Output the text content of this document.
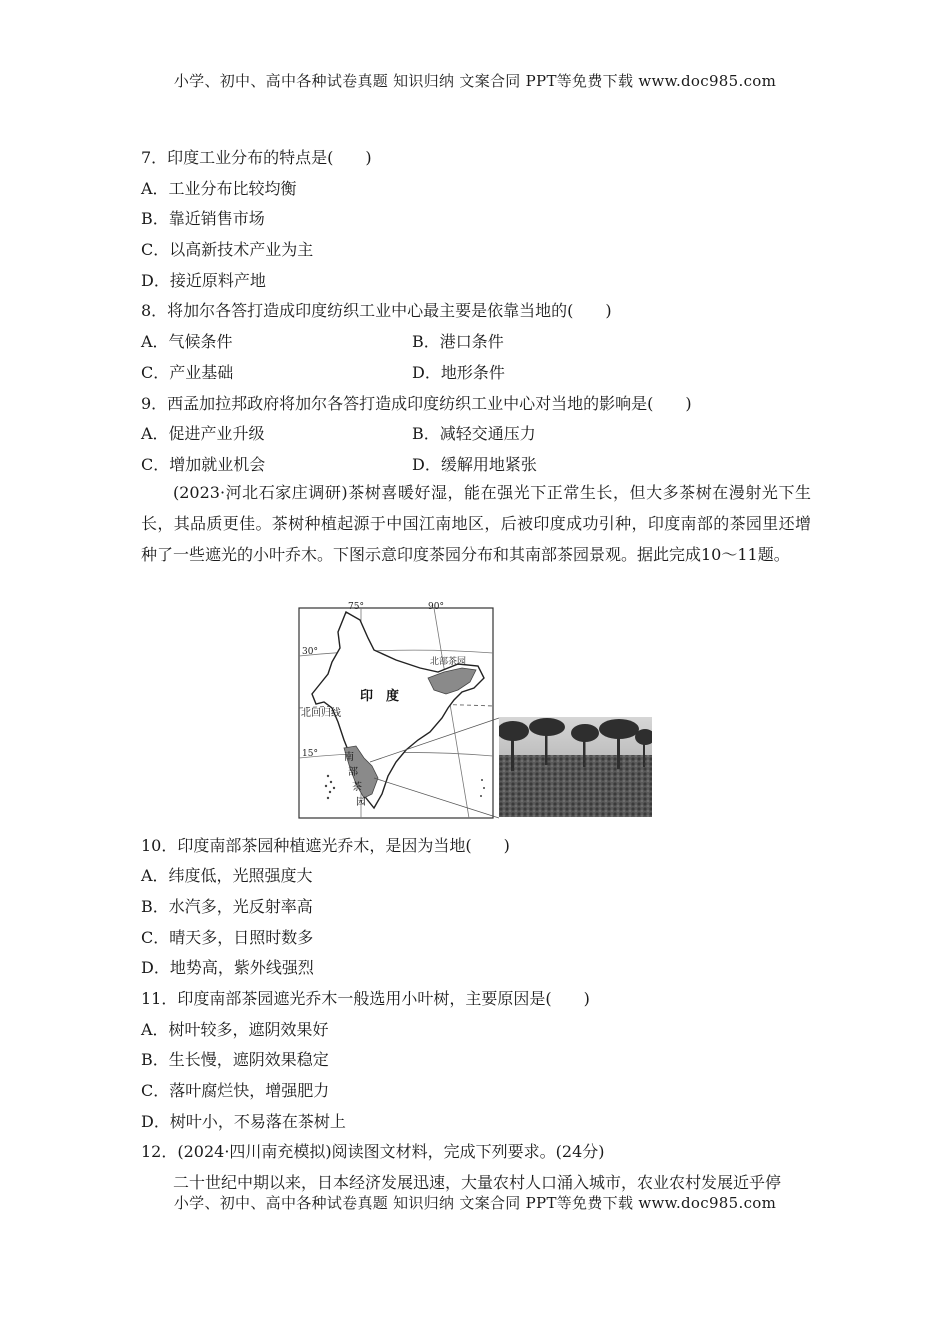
小学、初中、高中各种试卷真题 知识归纳 文案合同 PPT等免费下载 www.doc985.com
7．印度工业分布的特点是(　　)
A．工业分布比较均衡
B．靠近销售市场
C．以高新技术产业为主
D．接近原料产地
8．将加尔各答打造成印度纺织工业中心最主要是依靠当地的(　　)
A．气候条件	B．港口条件
C．产业基础	D．地形条件
9．西孟加拉邦政府将加尔各答打造成印度纺织工业中心对当地的影响是(　　)
A．促进产业升级	B．减轻交通压力
C．增加就业机会	D．缓解用地紧张
(2023·河北石家庄调研)茶树喜暖好湿，能在强光下正常生长，但大多茶树在漫射光下生长，其品质更佳。茶树种植起源于中国江南地区，后被印度成功引种，印度南部的茶园里还增种了一些遮光的小叶乔木。下图示意印度茶园分布和其南部茶园景观。据此完成10～11题。
75°	90°
30°
15°
印　度
北回归线
北部茶园
南
部
茶
园
10．印度南部茶园种植遮光乔木，是因为当地(　　)
A．纬度低，光照强度大
B．水汽多，光反射率高
C．晴天多，日照时数多
D．地势高，紫外线强烈
11．印度南部茶园遮光乔木一般选用小叶树，主要原因是(　　)
A．树叶较多，遮阴效果好
B．生长慢，遮阴效果稳定
C．落叶腐烂快，增强肥力
D．树叶小，不易落在茶树上
12．(2024·四川南充模拟)阅读图文材料，完成下列要求。(24分)
二十世纪中期以来，日本经济发展迅速，大量农村人口涌入城市，农业农村发展近乎停
小学、初中、高中各种试卷真题 知识归纳 文案合同 PPT等免费下载 www.doc985.com
